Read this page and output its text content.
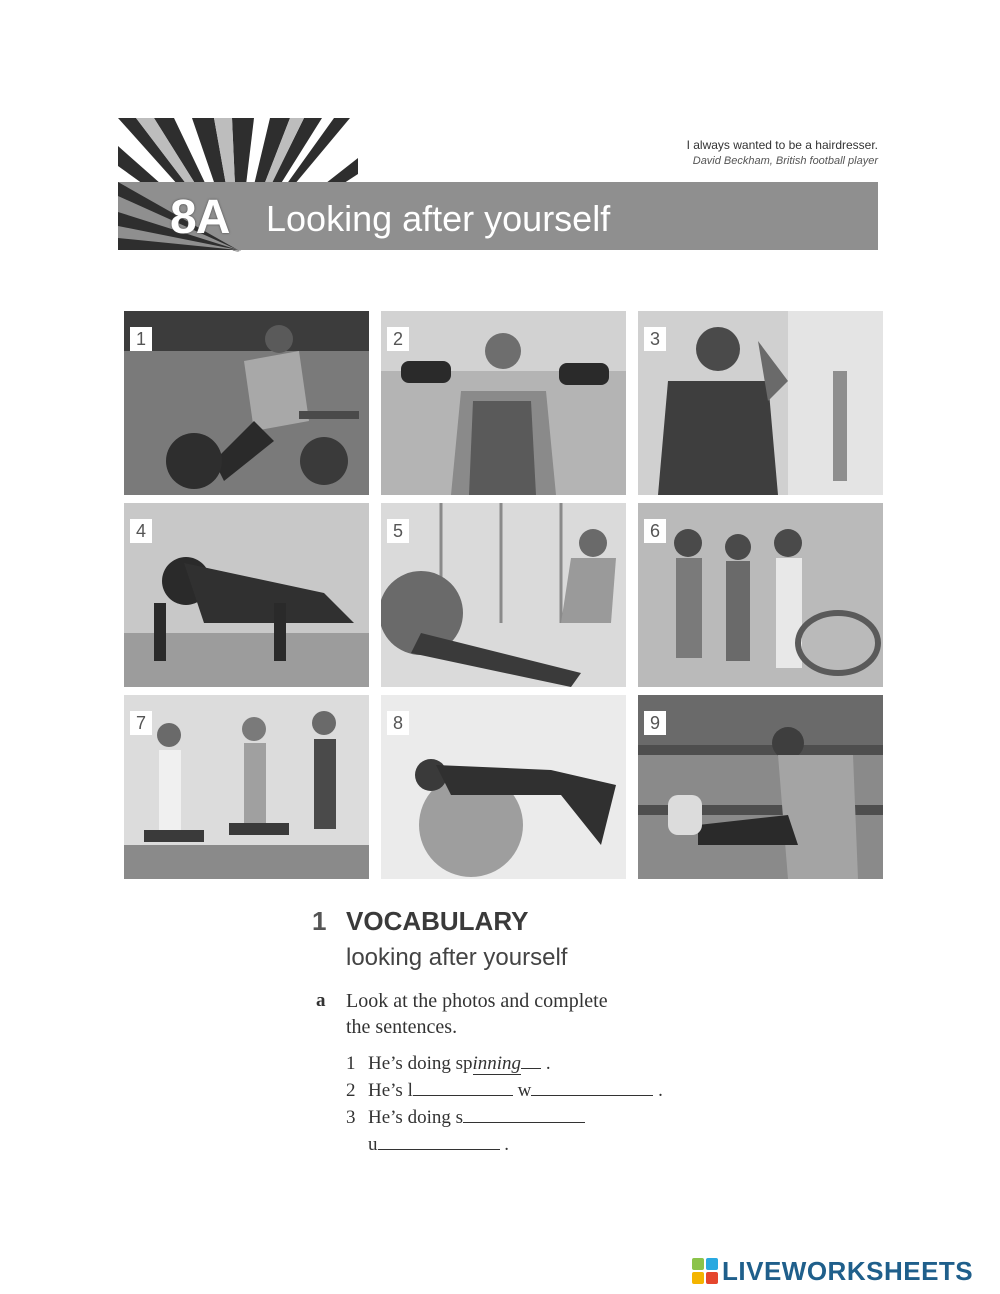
I always wanted to be a hairdresser.
David Beckham, British football player
8A Looking after yourself
1	2	3
4	5	6
7	8	9
1 VOCABULARY
looking after yourself
a Look at the photos and complete
the sentences.
1 He’s doing spinning .
2 He’s l	w	.
3 He’s doing s
u	.
LIVEWORKSHEETS
